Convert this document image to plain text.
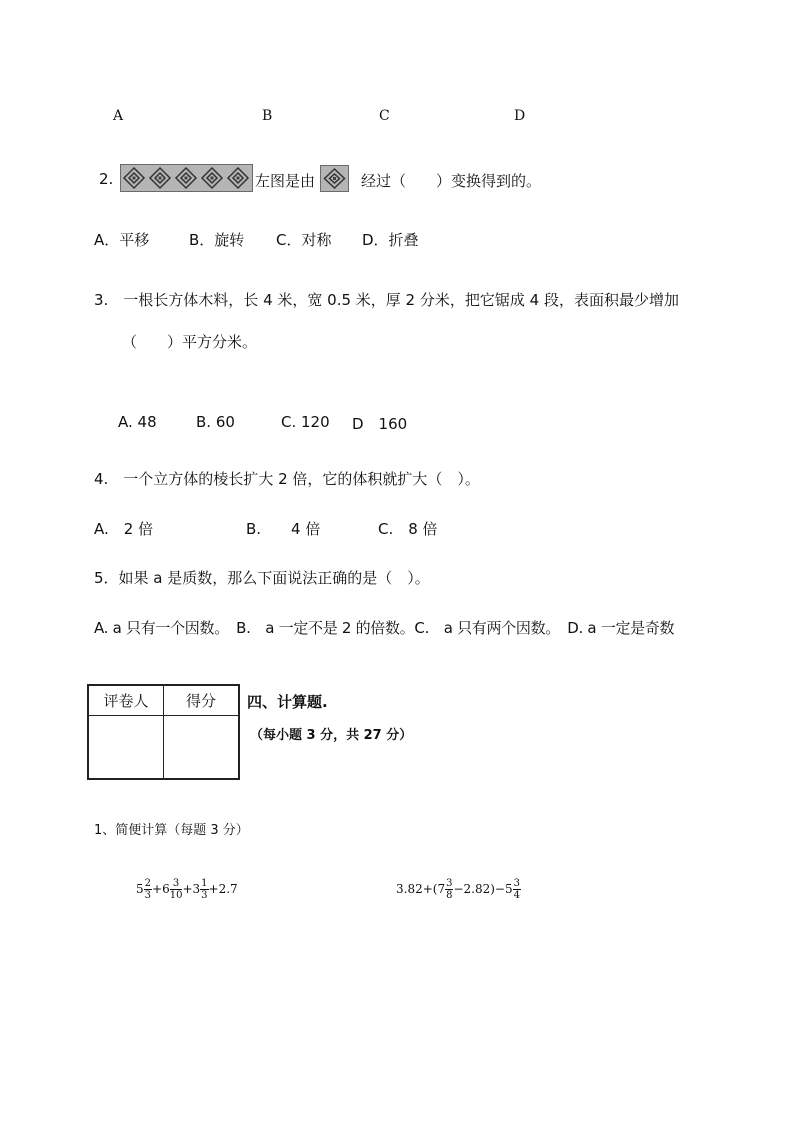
A	B	C	D
2.	左图是由	经过（　　）变换得到的。
A．平移	B．旋转 C．对称 D．折叠
3.　一根长方体木料，长 4 米，宽 0.5 米，厚 2 分米，把它锯成 4 段，表面积最少增加
（　　）平方分米。
A. 48	B. 60	C. 120 D　160
4.　一个立方体的棱长扩大 2 倍，它的体积就扩大（　）。
A.　2 倍	B.　　4 倍	C.　8 倍
5．如果 a 是质数，那么下面说法正确的是（　）。
A. a 只有一个因数。　B.　a 一定不是 2 的倍数。C.　a 只有两个因数。　D. a 一定是奇数
评卷人	得分
	四、计算题.
（每小题 3 分，共 27 分）
1、简便计算（每题 3 分）
$5 \frac{2}{3} +6 \frac{3}{10} +3 \frac{1}{3} +2.7$	$3.82+(7 \frac{3}{8} -2.82)-5 \frac{3}{4}$
